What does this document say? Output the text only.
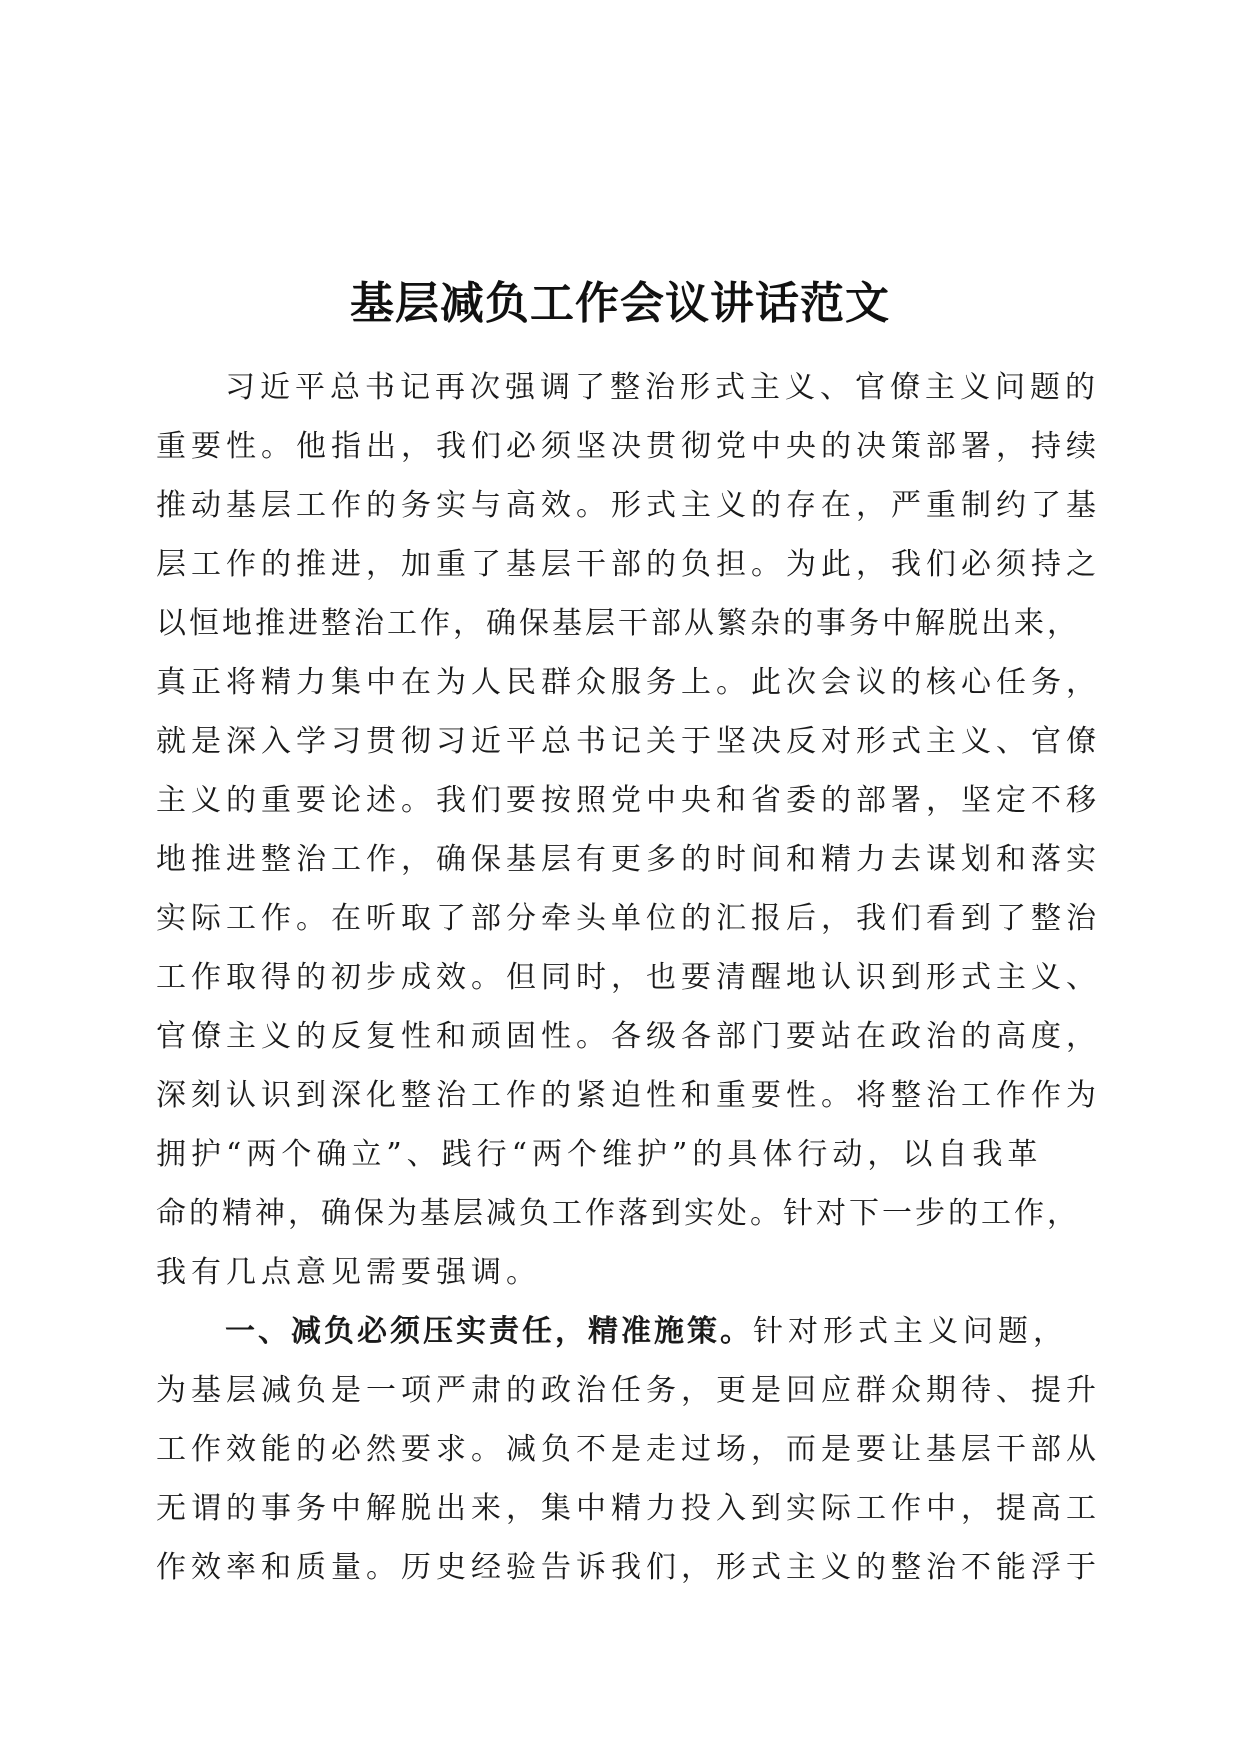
基层减负工作会议讲话范文
习近平总书记再次强调了整治形式主义、官僚主义问题的
重要性。他指出，我们必须坚决贯彻党中央的决策部署，持续
推动基层工作的务实与高效。形式主义的存在，严重制约了基
层工作的推进，加重了基层干部的负担。为此，我们必须持之
以恒地推进整治工作，确保基层干部从繁杂的事务中解脱出来，
真正将精力集中在为人民群众服务上。此次会议的核心任务，
就是深入学习贯彻习近平总书记关于坚决反对形式主义、官僚
主义的重要论述。我们要按照党中央和省委的部署，坚定不移
地推进整治工作，确保基层有更多的时间和精力去谋划和落实
实际工作。在听取了部分牵头单位的汇报后，我们看到了整治
工作取得的初步成效。但同时，也要清醒地认识到形式主义、
官僚主义的反复性和顽固性。各级各部门要站在政治的高度，
深刻认识到深化整治工作的紧迫性和重要性。将整治工作作为
拥护“两个确立”、践行“两个维护”的具体行动，以自我革
命的精神，确保为基层减负工作落到实处。针对下一步的工作，
我有几点意见需要强调。
一、减负必须压实责任，精准施策。针对形式主义问题，
为基层减负是一项严肃的政治任务，更是回应群众期待、提升
工作效能的必然要求。减负不是走过场，而是要让基层干部从
无谓的事务中解脱出来，集中精力投入到实际工作中，提高工
作效率和质量。历史经验告诉我们，形式主义的整治不能浮于
